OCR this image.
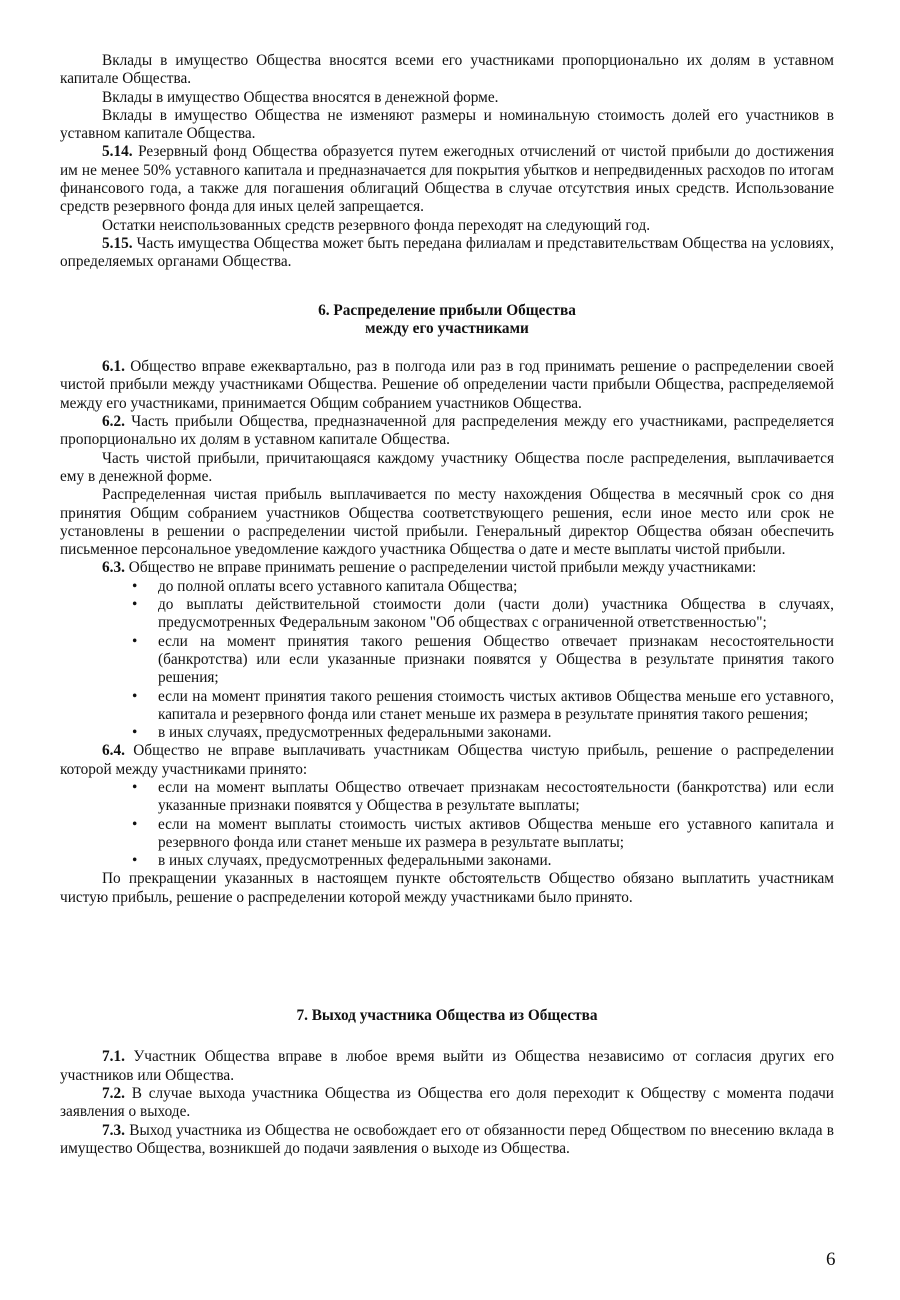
Вклады в имущество Общества вносятся всеми его участниками пропорционально их долям в уставном капитале Общества.

Вклады в имущество Общества вносятся в денежной форме.

Вклады в имущество Общества не изменяют размеры и номинальную стоимость долей его участников в уставном капитале Общества.

5.14. Резервный фонд Общества образуется путем ежегодных отчислений от чистой прибыли до достижения им не менее 50% уставного капитала и предназначается для покрытия убытков и непредвиденных расходов по итогам финансового года, а также для погашения облигаций Общества в случае отсутствия иных средств. Использование средств резервного фонда для иных целей запрещается.

Остатки неиспользованных средств резервного фонда переходят на следующий год.

5.15. Часть имущества Общества может быть передана филиалам и представительствам Общества на условиях, определяемых органами Общества.

6. Распределение прибыли Общества
между его участниками

6.1. Общество вправе ежеквартально, раз в полгода или раз в год принимать решение о распределении своей чистой прибыли между участниками Общества. Решение об определении части прибыли Общества, распределяемой между его участниками, принимается Общим собранием участников Общества.

6.2. Часть прибыли Общества, предназначенной для распределения между его участниками, распределяется пропорционально их долям в уставном капитале Общества.

Часть чистой прибыли, причитающаяся каждому участнику Общества после распределения, выплачивается ему в денежной форме.

Распределенная чистая прибыль выплачивается по месту нахождения Общества в месячный срок со дня принятия Общим собранием участников Общества соответствующего решения, если иное место или срок не установлены в решении о распределении чистой прибыли. Генеральный директор Общества обязан обеспечить письменное персональное уведомление каждого участника Общества о дате и месте выплаты чистой прибыли.

6.3. Общество не вправе принимать решение о распределении чистой прибыли между участниками:

• до полной оплаты всего уставного капитала Общества;
• до выплаты действительной стоимости доли (части доли) участника Общества в случаях, предусмотренных Федеральным законом "Об обществах с ограниченной ответственностью";
• если на момент принятия такого решения Общество отвечает признакам несостоятельности (банкротства) или если указанные признаки появятся у Общества в результате принятия такого решения;
• если на момент принятия такого решения стоимость чистых активов Общества меньше его уставного, капитала и резервного фонда или станет меньше их размера в результате принятия такого решения;
• в иных случаях, предусмотренных федеральными законами.

6.4. Общество не вправе выплачивать участникам Общества чистую прибыль, решение о распределении которой между участниками принято:

• если на момент выплаты Общество отвечает признакам несостоятельности (банкротства) или если указанные признаки появятся у Общества в результате выплаты;
• если на момент выплаты стоимость чистых активов Общества меньше его уставного капитала и резервного фонда или станет меньше их размера в результате выплаты;
• в иных случаях, предусмотренных федеральными законами.

По прекращении указанных в настоящем пункте обстоятельств Общество обязано выплатить участникам чистую прибыль, решение о распределении которой между участниками было принято.

7. Выход участника Общества из Общества

7.1. Участник Общества вправе в любое время выйти из Общества независимо от согласия других его участников или Общества.

7.2. В случае выхода участника Общества из Общества его доля переходит к Обществу с момента подачи заявления о выходе.

7.3. Выход участника из Общества не освобождает его от обязанности перед Обществом по внесению вклада в имущество Общества, возникшей до подачи заявления о выходе из Общества.

6
